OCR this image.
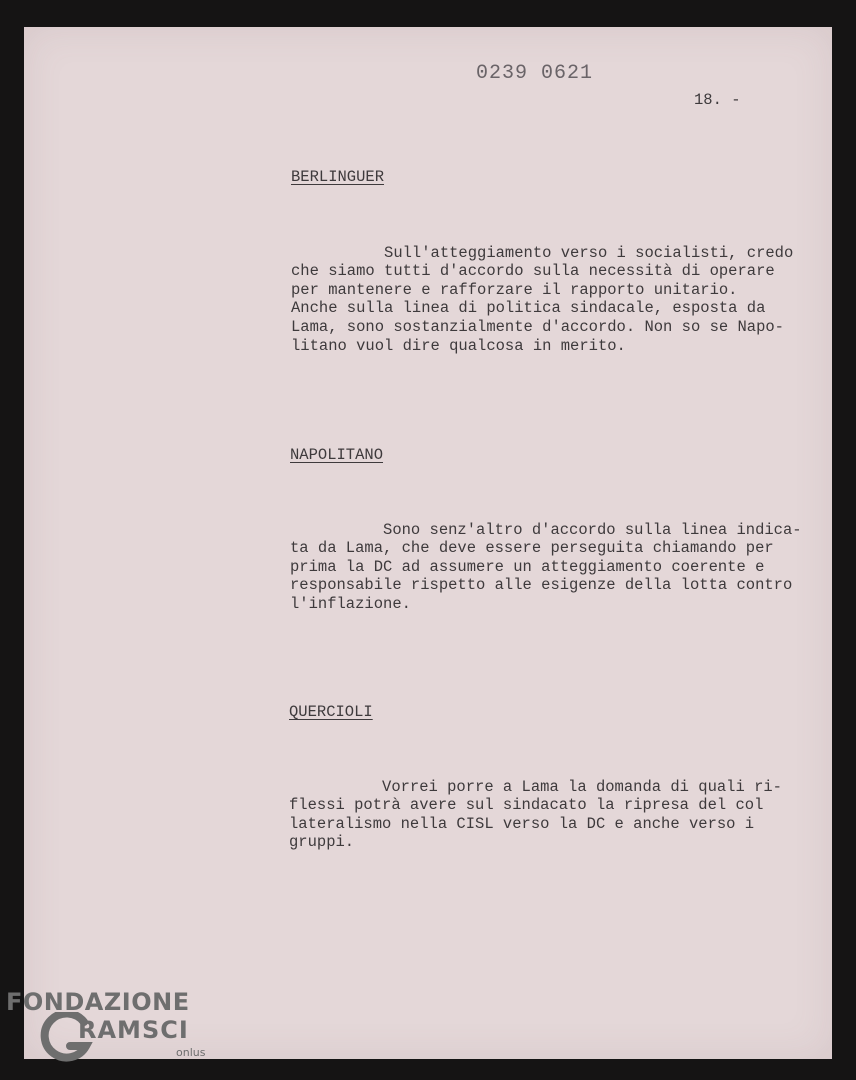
0239 0621
18. -
BERLINGUER

Sull'atteggiamento verso i socialisti, credo
che siamo tutti d'accordo sulla necessità di operare
per mantenere e rafforzare il rapporto unitario.
Anche sulla linea di politica sindacale, esposta da
Lama, sono sostanzialmente d'accordo. Non so se Napo-
litano vuol dire qualcosa in merito.

NAPOLITANO

Sono senz'altro d'accordo sulla linea indica-
ta da Lama, che deve essere perseguita chiamando per
prima la DC ad assumere un atteggiamento coerente e
responsabile rispetto alle esigenze della lotta contro
l'inflazione.

QUERCIOLI

Vorrei porre a Lama la domanda di quali ri-
flessi potrà avere sul sindacato la ripresa del col
lateralismo nella CISL verso la DC e anche verso i
gruppi.

FONDAZIONE
RAMSCI
onlus
